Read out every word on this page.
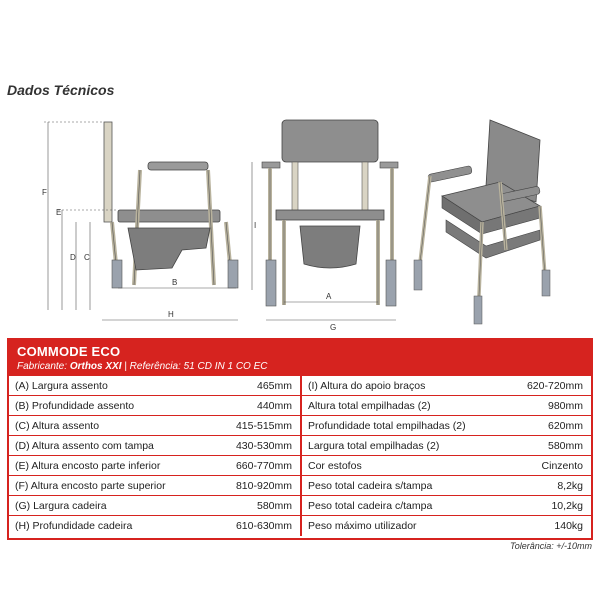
Dados Técnicos
F
E
D C
B
H
I
A
G
COMMODE ECO
Fabricante: Orthos XXI | Referência: 51 CD IN 1 CO EC
(A) Largura assento	465mm (I) Altura do apoio braços	620-720mm
(B) Profundidade assento	440mm Altura total empilhadas (2)	980mm
(C) Altura assento	415-515mm Profundidade total empilhadas (2)	620mm
(D) Altura assento com tampa	430-530mm Largura total empilhadas (2)	580mm
(E) Altura encosto parte inferior	660-770mm Cor estofos	Cinzento
(F) Altura encosto parte superior	810-920mm Peso total cadeira s/tampa	8,2kg
(G) Largura cadeira	580mm Peso total cadeira c/tampa	10,2kg
(H) Profundidade cadeira	610-630mm Peso máximo utilizador	140kg
Tolerância: +/-10mm
